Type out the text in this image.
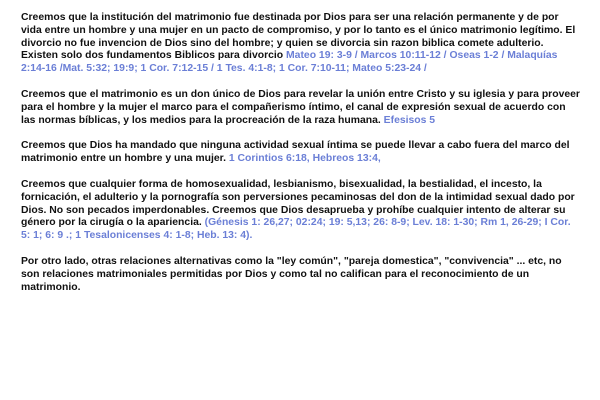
Creemos que la institución del matrimonio fue destinada por Dios para ser una relación permanente y de por vida entre un hombre y una mujer en un pacto de compromiso, y por lo tanto es el único matrimonio legítimo. El divorcio no fue invencion de Dios sino del hombre; y quien se divorcia sin razon biblica comete adulterio. Existen solo dos fundamentos Biblicos para divorcio Mateo 19: 3-9 / Marcos 10:11-12 / Oseas 1-2 / Malaquías 2:14-16 /Mat. 5:32; 19:9; 1 Cor. 7:12-15 / 1 Tes. 4:1-8; 1 Cor. 7:10-11; Mateo 5:23-24 /

Creemos que el matrimonio es un don único de Dios para revelar la unión entre Cristo y su iglesia y para proveer para el hombre y la mujer el marco para el compañerismo íntimo, el canal de expresión sexual de acuerdo con las normas bíblicas, y los medios para la procreación de la raza humana. Efesisos 5

Creemos que Dios ha mandado que ninguna actividad sexual íntima se puede llevar a cabo fuera del marco del matrimonio entre un hombre y una mujer. 1 Corintios 6:18, Hebreos 13:4,

Creemos que cualquier forma de homosexualidad, lesbianismo, bisexualidad, la bestialidad, el incesto, la fornicación, el adulterio y la pornografía son perversiones pecaminosas del don de la intimidad sexual dado por Dios. No son pecados imperdonables. Creemos que Dios desaprueba y prohíbe cualquier intento de alterar su género por la cirugía o la apariencia. (Génesis 1: 26,27; 02:24; 19: 5,13; 26: 8-9; Lev. 18: 1-30; Rm 1, 26-29; I Cor. 5: 1; 6: 9 .; 1 Tesalonicenses 4: 1-8; Heb. 13: 4).

Por otro lado, otras relaciones alternativas como la "ley común", "pareja domestica", "convivencia" ... etc, no son relaciones matrimoniales permitidas por Dios y como tal no califican para el reconocimiento de un matrimonio.
